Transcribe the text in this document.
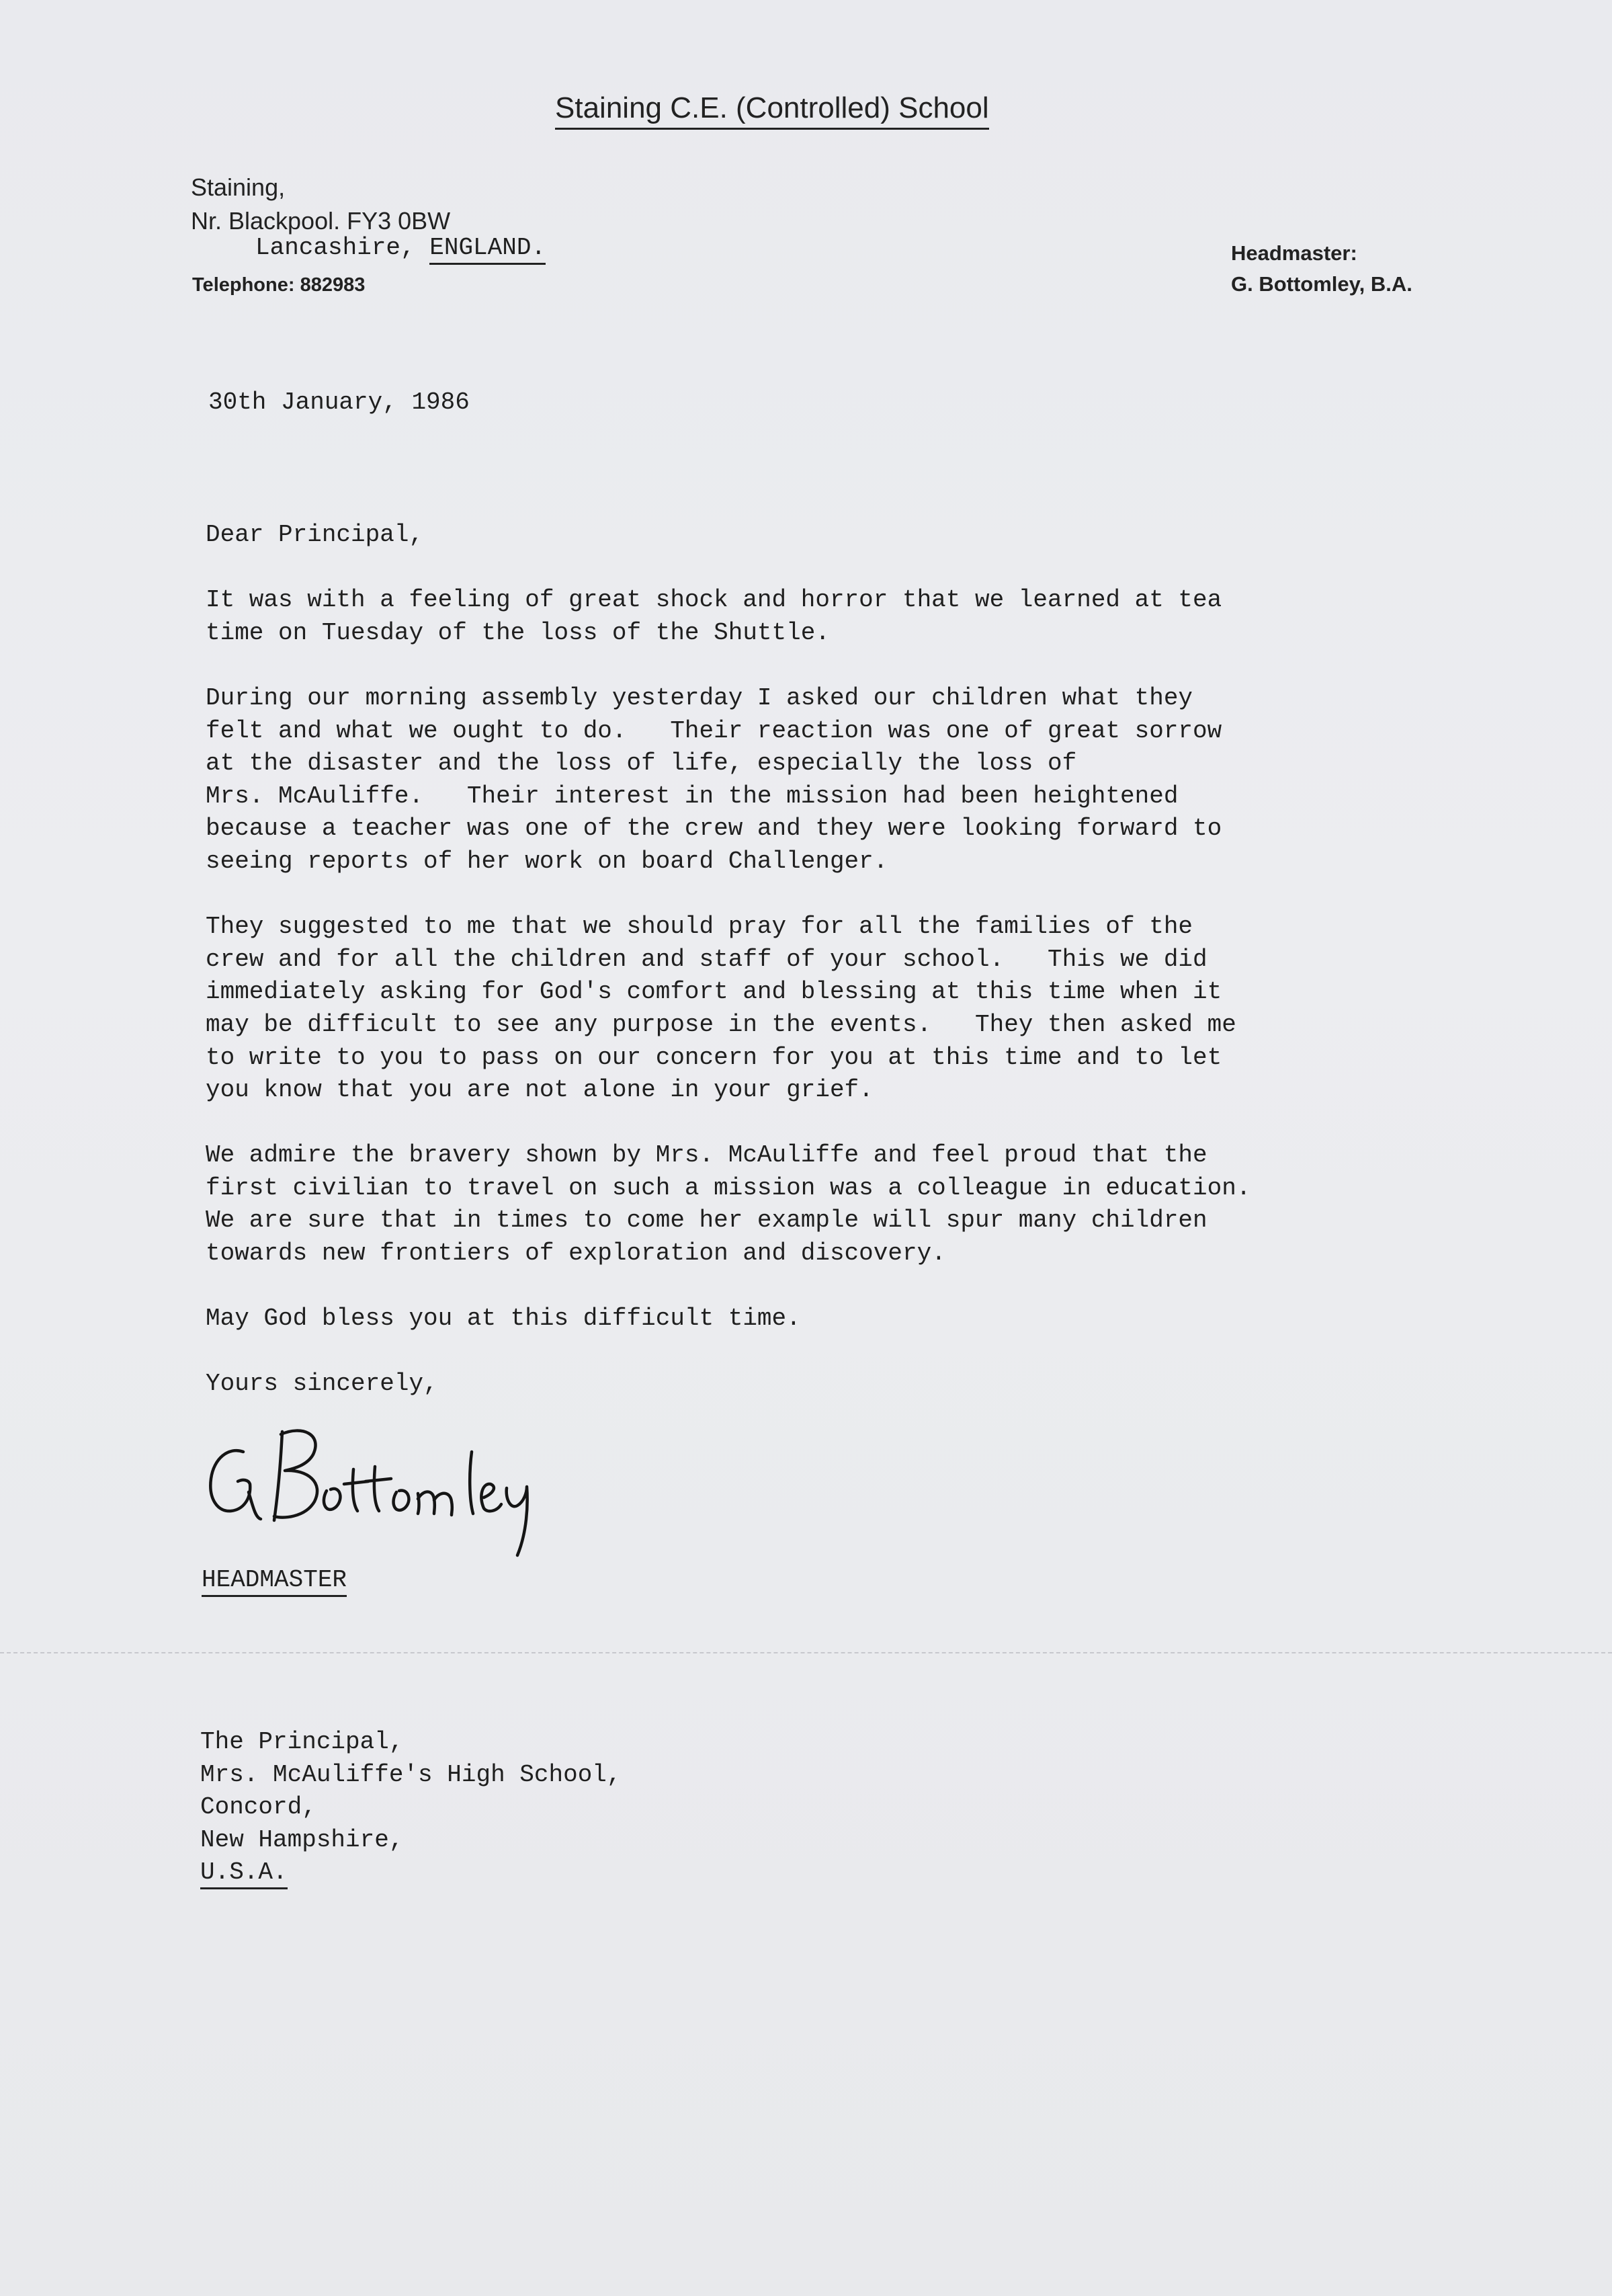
Staining C.E. (Controlled) School
Staining,
Nr. Blackpool. FY3 0BW
Lancashire, ENGLAND.
Telephone: 882983
Headmaster:
G. Bottomley, B.A.
30th January, 1986

Dear Principal,

It was with a feeling of great shock and horror that we learned at tea
time on Tuesday of the loss of the Shuttle.

During our morning assembly yesterday I asked our children what they
felt and what we ought to do.   Their reaction was one of great sorrow
at the disaster and the loss of life, especially the loss of
Mrs. McAuliffe.   Their interest in the mission had been heightened
because a teacher was one of the crew and they were looking forward to
seeing reports of her work on board Challenger.

They suggested to me that we should pray for all the families of the
crew and for all the children and staff of your school.   This we did
immediately asking for God's comfort and blessing at this time when it
may be difficult to see any purpose in the events.   They then asked me
to write to you to pass on our concern for you at this time and to let
you know that you are not alone in your grief.

We admire the bravery shown by Mrs. McAuliffe and feel proud that the
first civilian to travel on such a mission was a colleague in education.
We are sure that in times to come her example will spur many children
towards new frontiers of exploration and discovery.

May God bless you at this difficult time.

Yours sincerely,

HEADMASTER
The Principal,
Mrs. McAuliffe's High School,
Concord,
New Hampshire,
U.S.A.
